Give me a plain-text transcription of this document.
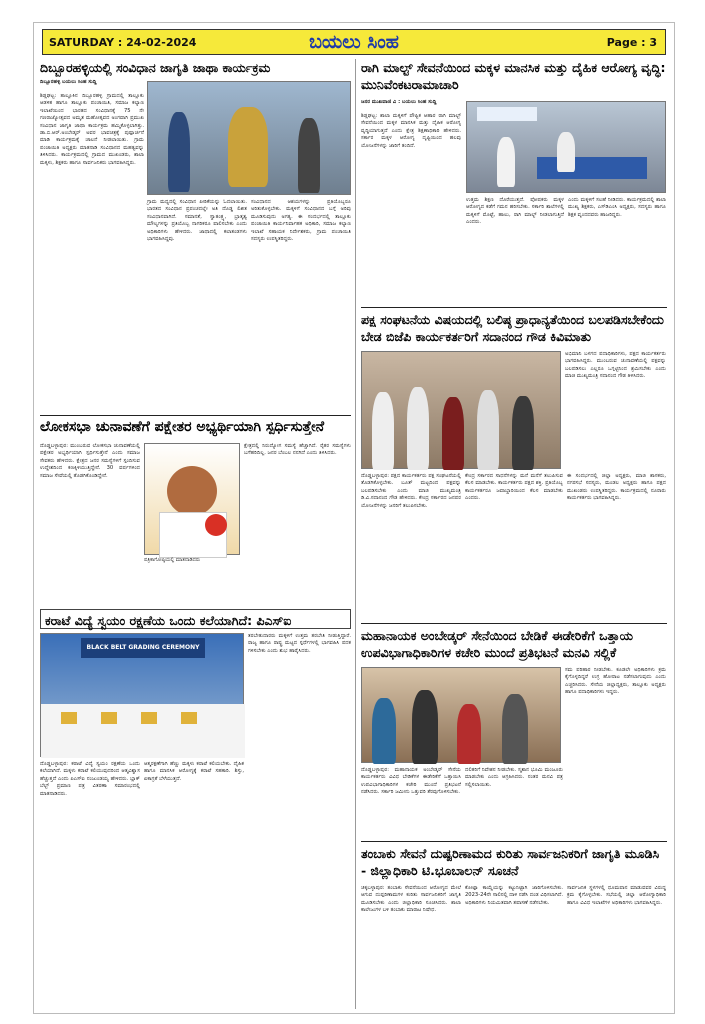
SATURDAY : 24-02-2024	ಬಯಲು ಸಿಂಹ	Page : 3
ದಿಬ್ಬೂರಹಳ್ಳಿಯಲ್ಲಿ ಸಂವಿಧಾನ ಜಾಗೃತಿ ಜಾಥಾ ಕಾರ್ಯಕ್ರಮ
ದಿಬ್ಬೂರಹಳ್ಳಿ ಬಯಲು ಸಿಂಹ ಸುದ್ದಿ
ಶಿಡ್ಲಘಟ್ಟ: ತಾಲ್ಲೂಕಿನ ದಿಬ್ಬೂರಹಳ್ಳಿ ಗ್ರಾಮದಲ್ಲಿ ತಾಲ್ಲೂಕು ಆಡಳಿತ ಹಾಗೂ ತಾಲ್ಲೂಕು ಪಂಚಾಯಿತಿ, ಸಮಾಜ ಕಲ್ಯಾಣ ಇಲಾಖೆಯಿಂದ ಭಾರತದ ಸಂವಿಧಾನಕ್ಕೆ 75 ನೇ ಗಣರಾಜ್ಯೋತ್ಸವದ ಅಮೃತ ಮಹೋತ್ಸವದ ಅಂಗವಾಗಿ ಪ್ರಮುಖ ಸಂವಿಧಾನ ಜಾಗೃತಿ ಜಾಥಾ ಕಾರ್ಯಕ್ರಮ ಹಮ್ಮಿಕೊಳ್ಳಲಾಗಿತ್ತು. ಡಾ.ಬಿ.ಆರ್.ಅಂಬೇಡ್ಕರ್ ಅವರ ಭಾವಚಿತ್ರಕ್ಕೆ ಪುಷ್ಪಾರ್ಚನೆ ಮಾಡಿ ಕಾರ್ಯಕ್ರಮಕ್ಕೆ ಚಾಲನೆ ನೀಡಲಾಯಿತು. ಗ್ರಾಮ ಪಂಚಾಯಿತಿ ಅಧ್ಯಕ್ಷರು ಮಾತನಾಡಿ ಸಂವಿಧಾನದ ಮಹತ್ವವನ್ನು ತಿಳಿಸಿದರು. ಕಾರ್ಯಕ್ರಮದಲ್ಲಿ ಗ್ರಾಮದ ಮುಖಂಡರು, ಶಾಲಾ ಮಕ್ಕಳು, ಶಿಕ್ಷಕರು ಹಾಗೂ ಸಾರ್ವಜನಿಕರು ಭಾಗವಹಿಸಿದ್ದರು.
ಗ್ರಾಮ ಮಧ್ಯದಲ್ಲಿ ಸಂವಿಧಾನ ಪೀಠಿಕೆಯನ್ನು ಓದಲಾಯಿತು. ಭಾರತದ ಸಂವಿಧಾನ ಪ್ರಪಂಚದಲ್ಲೇ ಅತಿ ದೊಡ್ಡ ಲಿಖಿತ ಸಂವಿಧಾನವಾಗಿದೆ. ಸಮಾನತೆ, ಸ್ವಾತಂತ್ರ್ಯ, ಭ್ರಾತೃತ್ವ ಮೌಲ್ಯಗಳನ್ನು ಪ್ರತಿಯೊಬ್ಬ ನಾಗರಿಕರೂ ಪಾಲಿಸಬೇಕು ಎಂದು ಅಧಿಕಾರಿಗಳು ಹೇಳಿದರು. ಜಾಥಾದಲ್ಲಿ ಕಲಾತಂಡಗಳು ಭಾಗವಹಿಸಿದ್ದವು.
ಸಂವಿಧಾನದ ಆಶಯಗಳನ್ನು ಪ್ರತಿಯೊಬ್ಬರೂ ಅರಿತುಕೊಳ್ಳಬೇಕು. ಮಕ್ಕಳಿಗೆ ಸಂವಿಧಾನದ ಬಗ್ಗೆ ಅರಿವು ಮೂಡಿಸುವುದು ಅಗತ್ಯ. ಈ ಸಂದರ್ಭದಲ್ಲಿ ತಾಲ್ಲೂಕು ಪಂಚಾಯಿತಿ ಕಾರ್ಯನಿರ್ವಾಹಕ ಅಧಿಕಾರಿ, ಸಮಾಜ ಕಲ್ಯಾಣ ಇಲಾಖೆ ಸಹಾಯಕ ನಿರ್ದೇಶಕರು, ಗ್ರಾಮ ಪಂಚಾಯಿತಿ ಸದಸ್ಯರು ಉಪಸ್ಥಿತರಿದ್ದರು.
ರಾಗಿ ಮಾಲ್ಟ್ ಸೇವನೆಯಿಂದ ಮಕ್ಕಳ ಮಾನಸಿಕ ಮತ್ತು ದೈಹಿಕ ಆರೋಗ್ಯ ವೃದ್ಧಿ: ಮುನಿವೆಂಕಟರಾಮಾಚಾರಿ
ಜನರ ಮುಖವಾಣಿ ವಿ : ಬಯಲು ಸಿಂಹ ಸುದ್ದಿ
ಶಿಡ್ಲಘಟ್ಟ: ಶಾಲಾ ಮಕ್ಕಳಿಗೆ ಪೌಷ್ಟಿಕ ಆಹಾರ ರಾಗಿ ಮಾಲ್ಟ್ ಸೇವನೆಯಿಂದ ಮಕ್ಕಳ ಮಾನಸಿಕ ಮತ್ತು ದೈಹಿಕ ಆರೋಗ್ಯ ವೃದ್ಧಿಯಾಗುತ್ತದೆ ಎಂದು ಕ್ಷೇತ್ರ ಶಿಕ್ಷಣಾಧಿಕಾರಿ ಹೇಳಿದರು. ಸರ್ಕಾರ ಮಕ್ಕಳ ಆರೋಗ್ಯ ದೃಷ್ಟಿಯಿಂದ ಹಲವು ಯೋಜನೆಗಳನ್ನು ಜಾರಿಗೆ ತಂದಿದೆ.
ಉತ್ತಮ ಶಿಕ್ಷಣ ದೊರೆಯುತ್ತದೆ. ಪೋಷಕರು ಮಕ್ಕಳ ಆರೋಗ್ಯದ ಕಡೆಗೆ ಗಮನ ಹರಿಸಬೇಕು. ಸರ್ಕಾರಿ ಶಾಲೆಗಳಲ್ಲಿ ಮಕ್ಕಳಿಗೆ ಮೊಟ್ಟೆ, ಹಾಲು, ರಾಗಿ ಮಾಲ್ಟ್ ನೀಡಲಾಗುತ್ತಿದೆ ಎಂದರು.
ಎಂದು ಮಕ್ಕಳಿಗೆ ಸಲಹೆ ನೀಡಿದರು. ಕಾರ್ಯಕ್ರಮದಲ್ಲಿ ಶಾಲಾ ಮುಖ್ಯ ಶಿಕ್ಷಕರು, ಎಸ್‌ಡಿಎಂಸಿ ಅಧ್ಯಕ್ಷರು, ಸದಸ್ಯರು ಹಾಗೂ ಶಿಕ್ಷಕ ವೃಂದದವರು ಹಾಜರಿದ್ದರು.
ಪಕ್ಷ ಸಂಘಟನೆಯ ವಿಷಯದಲ್ಲಿ ಬಲಿಷ್ಠ ಪ್ರಾಧಾನ್ಯತೆಯಿಂದ ಬಲಪಡಿಸಬೇಕೆಂದು ಬೇಡ ಬಿಜೆಪಿ ಕಾರ್ಯಕರ್ತರಿಗೆ ಸದಾನಂದ ಗೌಡ ಕಿವಿಮಾತು
ಅಭಿಮಾನಿ ಬಳಗದ ಪದಾಧಿಕಾರಿಗಳು, ಪಕ್ಷದ ಕಾರ್ಯಕರ್ತರು ಭಾಗವಹಿಸಿದ್ದರು. ಮುಂಬರುವ ಚುನಾವಣೆಯಲ್ಲಿ ಪಕ್ಷವನ್ನು ಬಲಪಡಿಸಲು ಎಲ್ಲರೂ ಒಗ್ಗಟ್ಟಿನಿಂದ ಶ್ರಮಿಸಬೇಕು ಎಂದು ಮಾಜಿ ಮುಖ್ಯಮಂತ್ರಿ ಸದಾನಂದ ಗೌಡ ತಿಳಿಸಿದರು.
ದೊಡ್ಡಬಳ್ಳಾಪುರ: ಪಕ್ಷದ ಕಾರ್ಯಕರ್ತರು ಪಕ್ಷ ಸಂಘಟನೆಯಲ್ಲಿ ತೊಡಗಿಕೊಳ್ಳಬೇಕು. ಬೂತ್ ಮಟ್ಟದಿಂದ ಪಕ್ಷವನ್ನು ಬಲಪಡಿಸಬೇಕು ಎಂದು ಮಾಜಿ ಮುಖ್ಯಮಂತ್ರಿ ಡಿ.ವಿ.ಸದಾನಂದ ಗೌಡ ಹೇಳಿದರು. ಕೇಂದ್ರ ಸರ್ಕಾರದ ಜನಪರ ಯೋಜನೆಗಳನ್ನು ಜನರಿಗೆ ತಲುಪಿಸಬೇಕು.
ಕೇಂದ್ರ ಸರ್ಕಾರದ ಸಾಧನೆಗಳನ್ನು ಮನೆ ಮನೆಗೆ ತಲುಪಿಸುವ ಕೆಲಸ ಮಾಡಬೇಕು. ಕಾರ್ಯಕರ್ತರು ಪಕ್ಷದ ಶಕ್ತಿ. ಪ್ರತಿಯೊಬ್ಬ ಕಾರ್ಯಕರ್ತರೂ ಜವಾಬ್ದಾರಿಯಿಂದ ಕೆಲಸ ಮಾಡಬೇಕು ಎಂದರು.
ಈ ಸಂದರ್ಭದಲ್ಲಿ ಜಿಲ್ಲಾ ಅಧ್ಯಕ್ಷರು, ಮಾಜಿ ಶಾಸಕರು, ನಗರಸಭೆ ಸದಸ್ಯರು, ಮಂಡಲ ಅಧ್ಯಕ್ಷರು ಹಾಗೂ ಪಕ್ಷದ ಮುಖಂಡರು ಉಪಸ್ಥಿತರಿದ್ದರು. ಕಾರ್ಯಕ್ರಮದಲ್ಲಿ ನೂರಾರು ಕಾರ್ಯಕರ್ತರು ಭಾಗವಹಿಸಿದ್ದರು.
ಲೋಕಸಭಾ ಚುನಾವಣೆಗೆ ಪಕ್ಷೇತರ ಅಭ್ಯರ್ಥಿಯಾಗಿ ಸ್ಪರ್ಧಿಸುತ್ತೇನೆ
ದೊಡ್ಡಬಳ್ಳಾಪುರ: ಮುಂಬರುವ ಲೋಕಸಭಾ ಚುನಾವಣೆಯಲ್ಲಿ ಪಕ್ಷೇತರ ಅಭ್ಯರ್ಥಿಯಾಗಿ ಸ್ಪರ್ಧಿಸುತ್ತೇನೆ ಎಂದು ಸಮಾಜ ಸೇವಕರು ಹೇಳಿದರು. ಕ್ಷೇತ್ರದ ಜನರ ಸಮಸ್ಯೆಗಳಿಗೆ ಸ್ಪಂದಿಸುವ ಉದ್ದೇಶದಿಂದ ಕಣಕ್ಕಿಳಿಯುತ್ತಿದ್ದೇನೆ. 30 ವರ್ಷಗಳಿಂದ ಸಮಾಜ ಸೇವೆಯಲ್ಲಿ ತೊಡಗಿಕೊಂಡಿದ್ದೇನೆ.
ಪತ್ರಿಕಾಗೋಷ್ಠಿಯಲ್ಲಿ ಮಾತನಾಡಿದರು
ಕ್ಷೇತ್ರದಲ್ಲಿ ನಿರುದ್ಯೋಗ ಸಮಸ್ಯೆ ಹೆಚ್ಚಾಗಿದೆ. ರೈತರ ಸಮಸ್ಯೆಗಳು ಬಗೆಹರಿದಿಲ್ಲ. ಜನರ ಬೆಂಬಲ ನನಗಿದೆ ಎಂದು ತಿಳಿಸಿದರು.
ಕರಾಟೆ ವಿದ್ಯೆ ಸ್ವಯಂ ರಕ್ಷಣೆಯ ಒಂದು ಕಲೆಯಾಗಿದೆ: ಪಿಎಸ್ಐ
BLACK BELT GRADING CEREMONY
ತರಬೇತುದಾರರು ಮಕ್ಕಳಿಗೆ ಉತ್ತಮ ತರಬೇತಿ ನೀಡುತ್ತಿದ್ದಾರೆ. ರಾಜ್ಯ ಹಾಗೂ ರಾಷ್ಟ್ರ ಮಟ್ಟದ ಸ್ಪರ್ಧೆಗಳಲ್ಲಿ ಭಾಗವಹಿಸಿ ಪದಕ ಗಳಿಸಬೇಕು ಎಂದು ಶುಭ ಹಾರೈಸಿದರು.
ದೊಡ್ಡಬಳ್ಳಾಪುರ: ಕರಾಟೆ ವಿದ್ಯೆ ಸ್ವಯಂ ರಕ್ಷಣೆಯ ಒಂದು ಕಲೆಯಾಗಿದೆ. ಮಕ್ಕಳು ಕರಾಟೆ ಕಲಿಯುವುದರಿಂದ ಆತ್ಮವಿಶ್ವಾಸ ಹೆಚ್ಚುತ್ತದೆ ಎಂದು ಪಿಎಸ್ಐ ನಂಜುಂಡಯ್ಯ ಹೇಳಿದರು. ಬ್ಲಾಕ್ ಬೆಲ್ಟ್ ಪ್ರಮಾಣ ಪತ್ರ ವಿತರಣಾ ಸಮಾರಂಭದಲ್ಲಿ ಮಾತನಾಡಿದರು.
ಆತ್ಮರಕ್ಷಣೆಗಾಗಿ ಹೆಣ್ಣು ಮಕ್ಕಳು ಕರಾಟೆ ಕಲಿಯಬೇಕು. ದೈಹಿಕ ಹಾಗೂ ಮಾನಸಿಕ ಆರೋಗ್ಯಕ್ಕೆ ಕರಾಟೆ ಸಹಕಾರಿ. ಶಿಸ್ತು, ಏಕಾಗ್ರತೆ ಬೆಳೆಯುತ್ತದೆ.
ಮಹಾನಾಯಕ ಅಂಬೇಡ್ಕರ್ ಸೇನೆಯಿಂದ ಬೇಡಿಕೆ ಈಡೇರಿಕೆಗೆ ಒತ್ತಾಯ ಉಪವಿಭಾಗಾಧಿಕಾರಿಗಳ ಕಚೇರಿ ಮುಂದೆ ಪ್ರತಿಭಟನೆ ಮನವಿ ಸಲ್ಲಿಕೆ
ಸಮ ಪರಿಹಾರ ನೀಡಬೇಕು. ಕೂಡಲೇ ಅಧಿಕಾರಿಗಳು ಕ್ರಮ ಕೈಗೊಳ್ಳದಿದ್ದರೆ ಉಗ್ರ ಹೋರಾಟ ನಡೆಸಲಾಗುವುದು ಎಂದು ಎಚ್ಚರಿಸಿದರು. ಸೇನೆಯ ಜಿಲ್ಲಾಧ್ಯಕ್ಷರು, ತಾಲ್ಲೂಕು ಅಧ್ಯಕ್ಷರು ಹಾಗೂ ಪದಾಧಿಕಾರಿಗಳು ಇದ್ದರು.
ದೊಡ್ಡಬಳ್ಳಾಪುರ: ಮಹಾನಾಯಕ ಅಂಬೇಡ್ಕರ್ ಸೇನೆಯ ಕಾರ್ಯಕರ್ತರು ವಿವಿಧ ಬೇಡಿಕೆಗಳ ಈಡೇರಿಕೆಗೆ ಒತ್ತಾಯಿಸಿ ಉಪವಿಭಾಗಾಧಿಕಾರಿಗಳ ಕಚೇರಿ ಮುಂದೆ ಪ್ರತಿಭಟನೆ ನಡೆಸಿದರು. ಸರ್ಕಾರಿ ಜಮೀನು ಒತ್ತುವರಿ ತೆರವುಗೊಳಿಸಬೇಕು.
ದಲಿತರಿಗೆ ನಿವೇಶನ ನೀಡಬೇಕು. ಸ್ಮಶಾನ ಭೂಮಿ ಮಂಜೂರು ಮಾಡಬೇಕು ಎಂದು ಆಗ್ರಹಿಸಿದರು. ನಂತರ ಮನವಿ ಪತ್ರ ಸಲ್ಲಿಸಲಾಯಿತು.
ತಂಬಾಕು ಸೇವನೆ ದುಷ್ಪರಿಣಾಮದ ಕುರಿತು ಸಾರ್ವಜನಿಕರಿಗೆ ಜಾಗೃತಿ ಮೂಡಿಸಿ - ಜಿಲ್ಲಾಧಿಕಾರಿ ಟಿ.ಭೂಬಾಲನ್ ಸೂಚನೆ
ಚಿಕ್ಕಬಳ್ಳಾಪುರ: ತಂಬಾಕು ಸೇವನೆಯಿಂದ ಆರೋಗ್ಯದ ಮೇಲೆ ಆಗುವ ದುಷ್ಪರಿಣಾಮಗಳ ಕುರಿತು ಸಾರ್ವಜನಿಕರಿಗೆ ಜಾಗೃತಿ ಮೂಡಿಸಬೇಕು ಎಂದು ಜಿಲ್ಲಾಧಿಕಾರಿ ಸೂಚಿಸಿದರು. ಶಾಲಾ ಕಾಲೇಜುಗಳ ಬಳಿ ತಂಬಾಕು ಮಾರಾಟ ನಿಷೇಧ.
ಕೋಟ್ಪಾ ಕಾಯ್ದೆಯನ್ನು ಕಟ್ಟುನಿಟ್ಟಾಗಿ ಜಾರಿಗೊಳಿಸಬೇಕು. 2023-24ನೇ ಸಾಲಿನಲ್ಲಿ ದಾಳಿ ನಡೆಸಿ ದಂಡ ವಿಧಿಸಲಾಗಿದೆ. ಅಧಿಕಾರಿಗಳು ನಿಯಮಿತವಾಗಿ ತಪಾಸಣೆ ನಡೆಸಬೇಕು.
ಸಾರ್ವಜನಿಕ ಸ್ಥಳಗಳಲ್ಲಿ ಧೂಮಪಾನ ಮಾಡುವವರ ವಿರುದ್ಧ ಕ್ರಮ ಕೈಗೊಳ್ಳಬೇಕು. ಸಭೆಯಲ್ಲಿ ಜಿಲ್ಲಾ ಆರೋಗ್ಯಾಧಿಕಾರಿ ಹಾಗೂ ವಿವಿಧ ಇಲಾಖೆಗಳ ಅಧಿಕಾರಿಗಳು ಭಾಗವಹಿಸಿದ್ದರು.
